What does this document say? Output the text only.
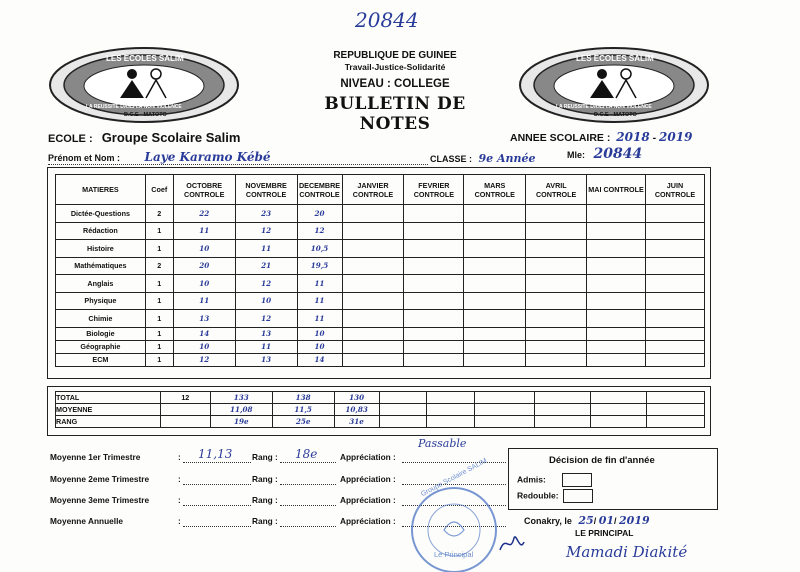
20844
LES ECOLES SALIM
LA REUSSITE DANS LA NON VIOLENCE
D.C.E - MATOTO
LES ECOLES SALIM
LA REUSSITE DANS LA NON VIOLENCE
D.C.E - MATOTO
REPUBLIQUE DE GUINEE
Travail-Justice-Solidarité
NIVEAU : COLLEGE
BULLETIN DE NOTES
ECOLE : Groupe Scolaire Salim	ANNEE SCOLAIRE : 2018 - 2019
Prénom et Nom : Laye Karamo Kébé	CLASSE : 9e Année	Mle: 20844
MATIERES	Coef	OCTOBRE CONTROLE	NOVEMBRE CONTROLE	DECEMBRE CONTROLE	JANVIER CONTROLE	FEVRIER CONTROLE	MARS CONTROLE	AVRIL CONTROLE	MAI CONTROLE	JUIN CONTROLE
Dictée-Questions	2	22	23	20						
Rédaction	1	11	12	12						
Histoire	1	10	11	10,5						
Mathématiques	2	20	21	19,5						
Anglais	1	10	12	11						
Physique	1	11	10	11						
Chimie	1	13	12	11						
Biologie	1	14	13	10						
Géographie	1	10	11	10						
ECM	1	12	13	14						
TOTAL	12	133	138	130						
MOYENNE		11,08	11,5	10,83						
RANG		19e	25e	31e						
Moyenne 1er Trimestre	: 11,13 Rang : 18e	Appréciation :
Passable
Moyenne 2eme Trimestre	:	Rang :	Appréciation :
Moyenne 3eme Trimestre	:	Rang :	Appréciation :
Moyenne Annuelle	:	Rang :	Appréciation :
Décision de fin d'année
Admis:
Redouble:
Conakry, le 25/ 01/ 2019
LE PRINCIPAL
Mamadi Diakité
Groupe Scolaire SALIM
Le Principal
